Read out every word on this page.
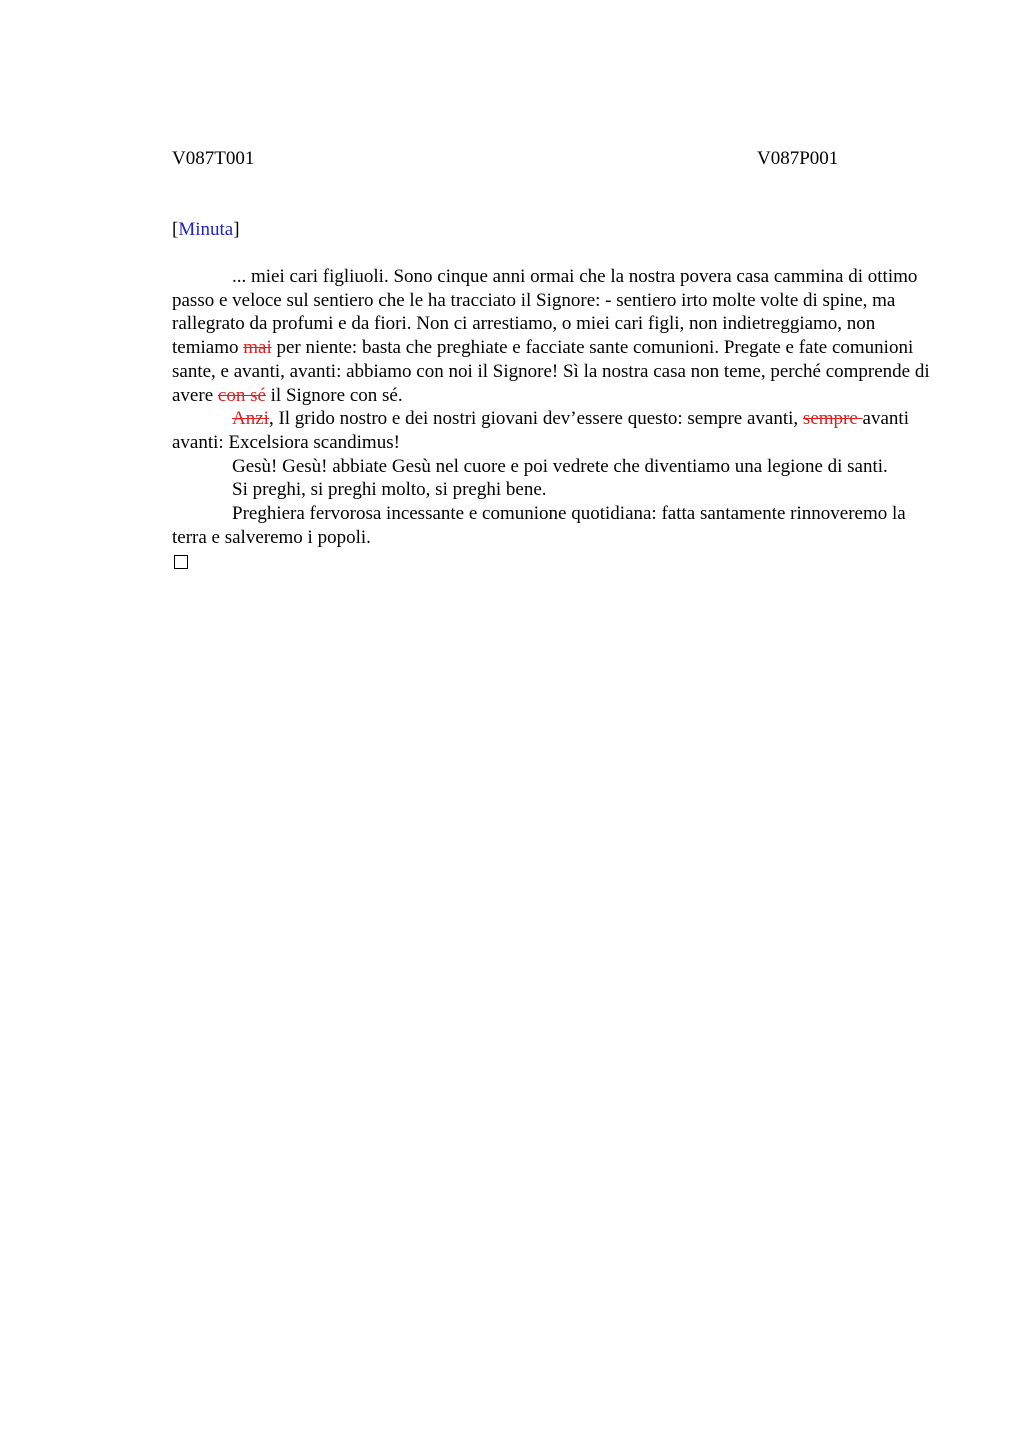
V087T001	V087P001
[Minuta]

... miei cari figliuoli. Sono cinque anni ormai che la nostra povera casa cammina di ottimo passo e veloce sul sentiero che le ha tracciato il Signore: - sentiero irto molte volte di spine, ma rallegrato da profumi e da fiori. Non ci arrestiamo, o miei cari figli, non indietreggiamo, non temiamo mai per niente: basta che preghiate e facciate sante comunioni. Pregate e fate comunioni sante, e avanti, avanti: abbiamo con noi il Signore! Sì la nostra casa non teme, perché comprende di avere con sé il Signore con sé.

Anzi, Il grido nostro e dei nostri giovani dev’essere questo: sempre avanti, sempre avanti avanti: Excelsiora scandimus!

Gesù! Gesù! abbiate Gesù nel cuore e poi vedrete che diventiamo una legione di santi.

Si preghi, si preghi molto, si preghi bene.

Preghiera fervorosa incessante e comunione quotidiana: fatta santamente rinnoveremo la terra e salveremo i popoli.
